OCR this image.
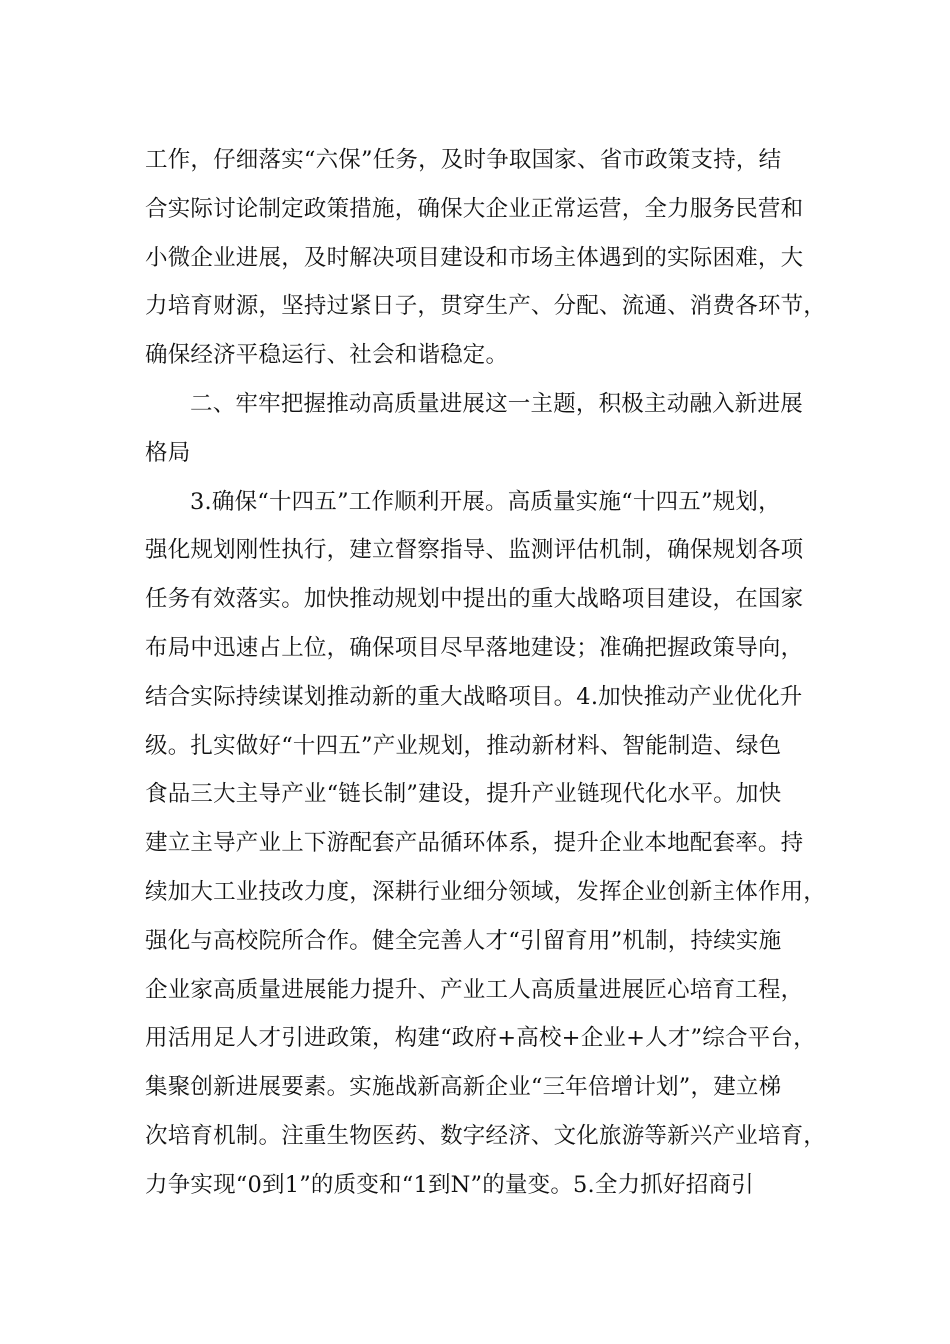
工作，仔细落实“六保”任务，及时争取国家、省市政策支持，结
合实际讨论制定政策措施，确保大企业正常运营，全力服务民营和
小微企业进展，及时解决项目建设和市场主体遇到的实际困难，大
力培育财源，坚持过紧日子，贯穿生产、分配、流通、消费各环节，
确保经济平稳运行、社会和谐稳定。
二、牢牢把握推动高质量进展这一主题，积极主动融入新进展
格局
3.确保“十四五”工作顺利开展。高质量实施“十四五”规划，
强化规划刚性执行，建立督察指导、监测评估机制，确保规划各项
任务有效落实。加快推动规划中提出的重大战略项目建设，在国家
布局中迅速占上位，确保项目尽早落地建设；准确把握政策导向，
结合实际持续谋划推动新的重大战略项目。4.加快推动产业优化升
级。扎实做好“十四五”产业规划，推动新材料、智能制造、绿色
食品三大主导产业“链长制”建设，提升产业链现代化水平。加快
建立主导产业上下游配套产品循环体系，提升企业本地配套率。持
续加大工业技改力度，深耕行业细分领域，发挥企业创新主体作用，
强化与高校院所合作。健全完善人才“引留育用”机制，持续实施
企业家高质量进展能力提升、产业工人高质量进展匠心培育工程，
用活用足人才引进政策，构建“政府+高校+企业+人才”综合平台，
集聚创新进展要素。实施战新高新企业“三年倍增计划”，建立梯
次培育机制。注重生物医药、数字经济、文化旅游等新兴产业培育，
力争实现“0到1”的质变和“1到N”的量变。5.全力抓好招商引
